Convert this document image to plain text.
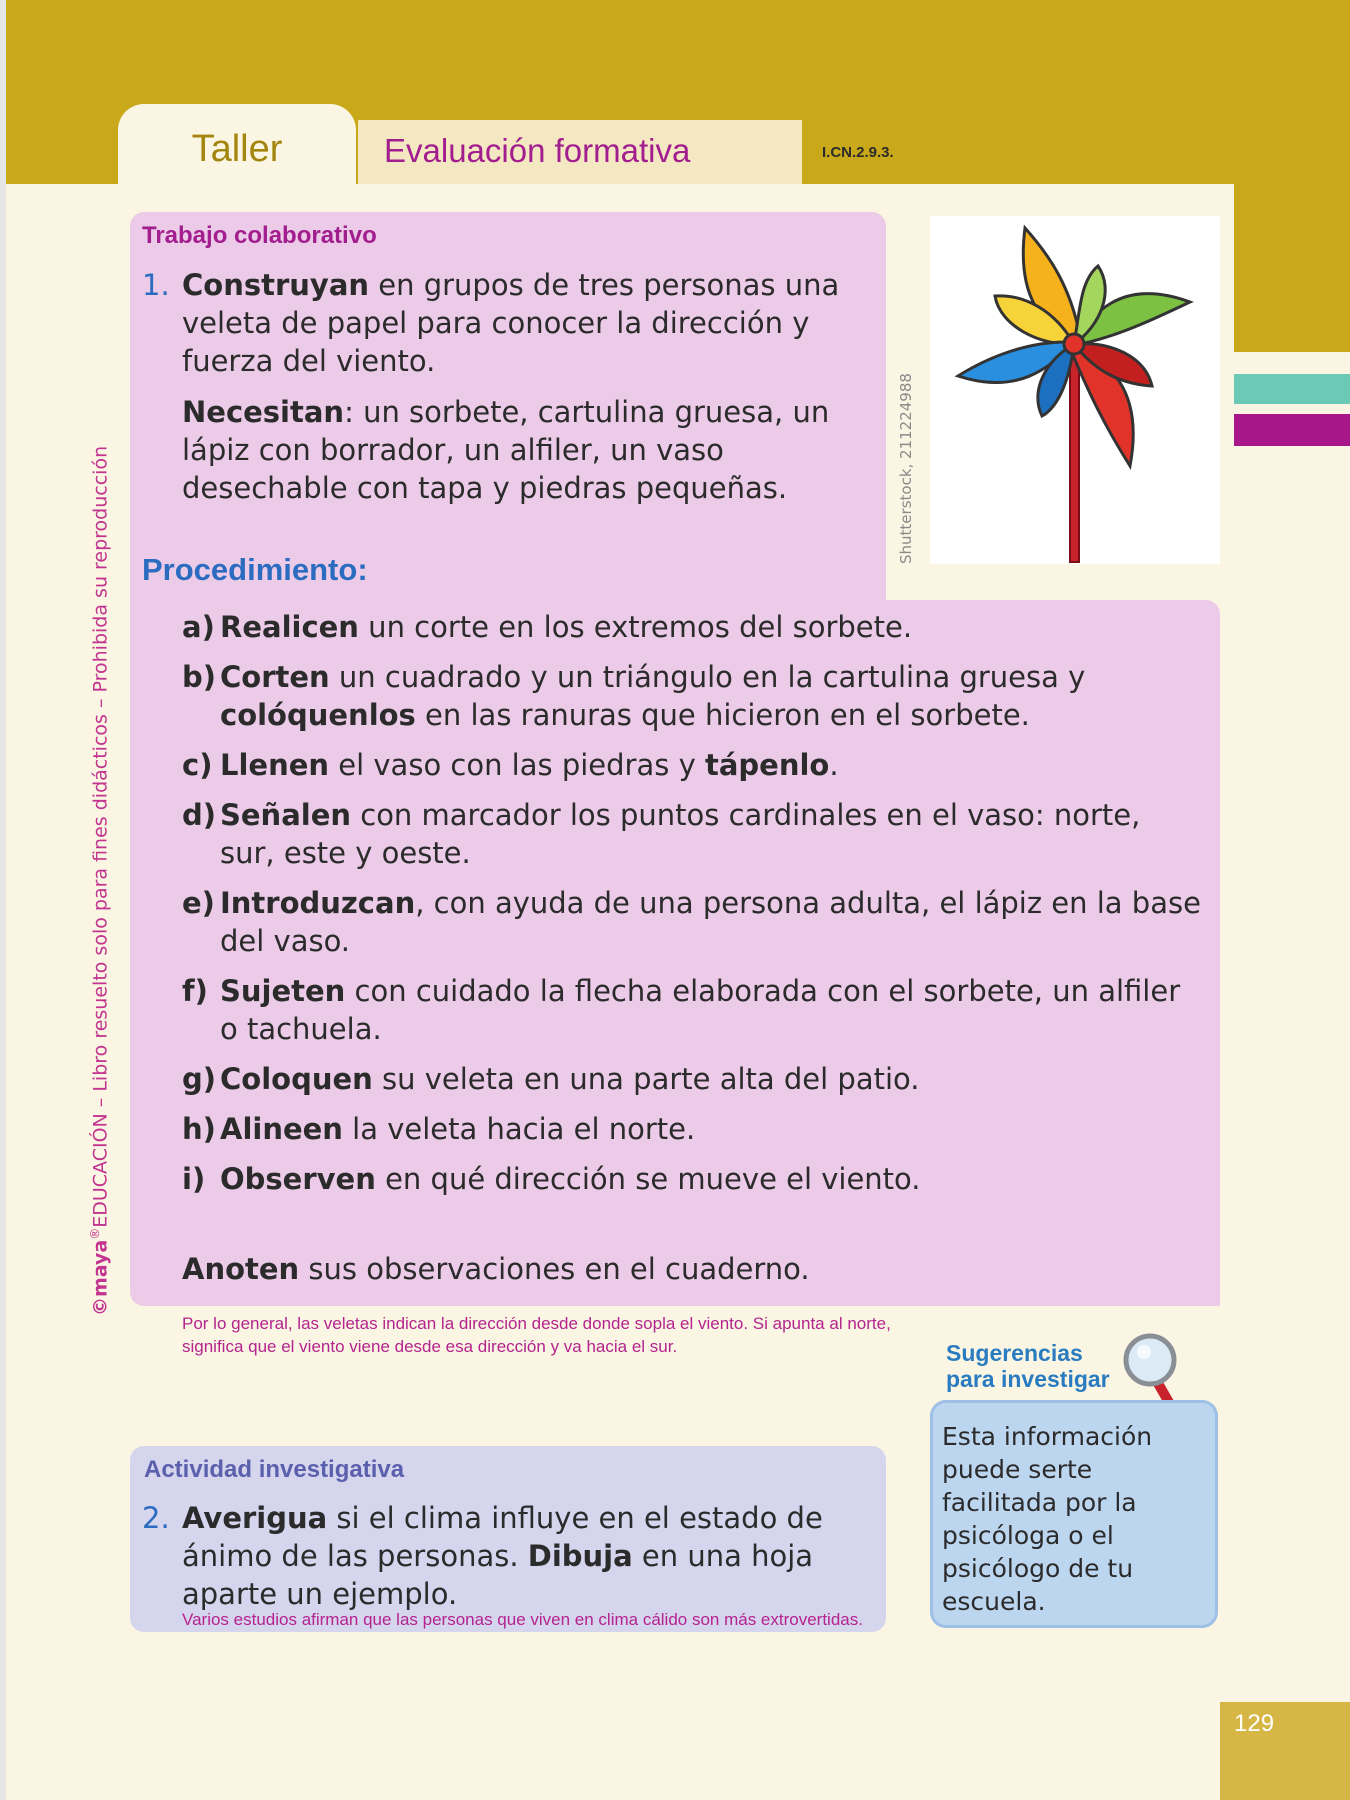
Taller	Evaluación formativa	I.CN.2.9.3.
©maya®EDUCACIÓN – Libro resuelto solo para fines didácticos – Prohibida su reproducción	Shutterstock, 211224988
Trabajo colaborativo
1. Construyan en grupos de tres personas una veleta de papel para conocer la dirección y fuerza del viento.
Necesitan: un sorbete, cartulina gruesa, un lápiz con borrador, un alfiler, un vaso desechable con tapa y piedras pequeñas.
Procedimiento:
a) Realicen un corte en los extremos del sorbete.
b) Corten un cuadrado y un triángulo en la cartulina gruesa y colóquenlos en las ranuras que hicieron en el sorbete.
c) Llenen el vaso con las piedras y tápenlo.
d) Señalen con marcador los puntos cardinales en el vaso: norte, sur, este y oeste.
e) Introduzcan, con ayuda de una persona adulta, el lápiz en la base del vaso.
f) Sujeten con cuidado la flecha elaborada con el sorbete, un alfiler o tachuela.
g) Coloquen su veleta en una parte alta del patio.
h) Alineen la veleta hacia el norte.
i) Observen en qué dirección se mueve el viento.
Anoten sus observaciones en el cuaderno.
Por lo general, las veletas indican la dirección desde donde sopla el viento. Si apunta al norte, significa que el viento viene desde esa dirección y va hacia el sur.	Sugerencias
para investigar
Esta información puede serte facilitada por la psicóloga o el psicólogo de tu escuela.
Actividad investigativa
2. Averigua si el clima influye en el estado de ánimo de las personas. Dibuja en una hoja aparte un ejemplo.
Varios estudios afirman que las personas que viven en clima cálido son más extrovertidas.
129
